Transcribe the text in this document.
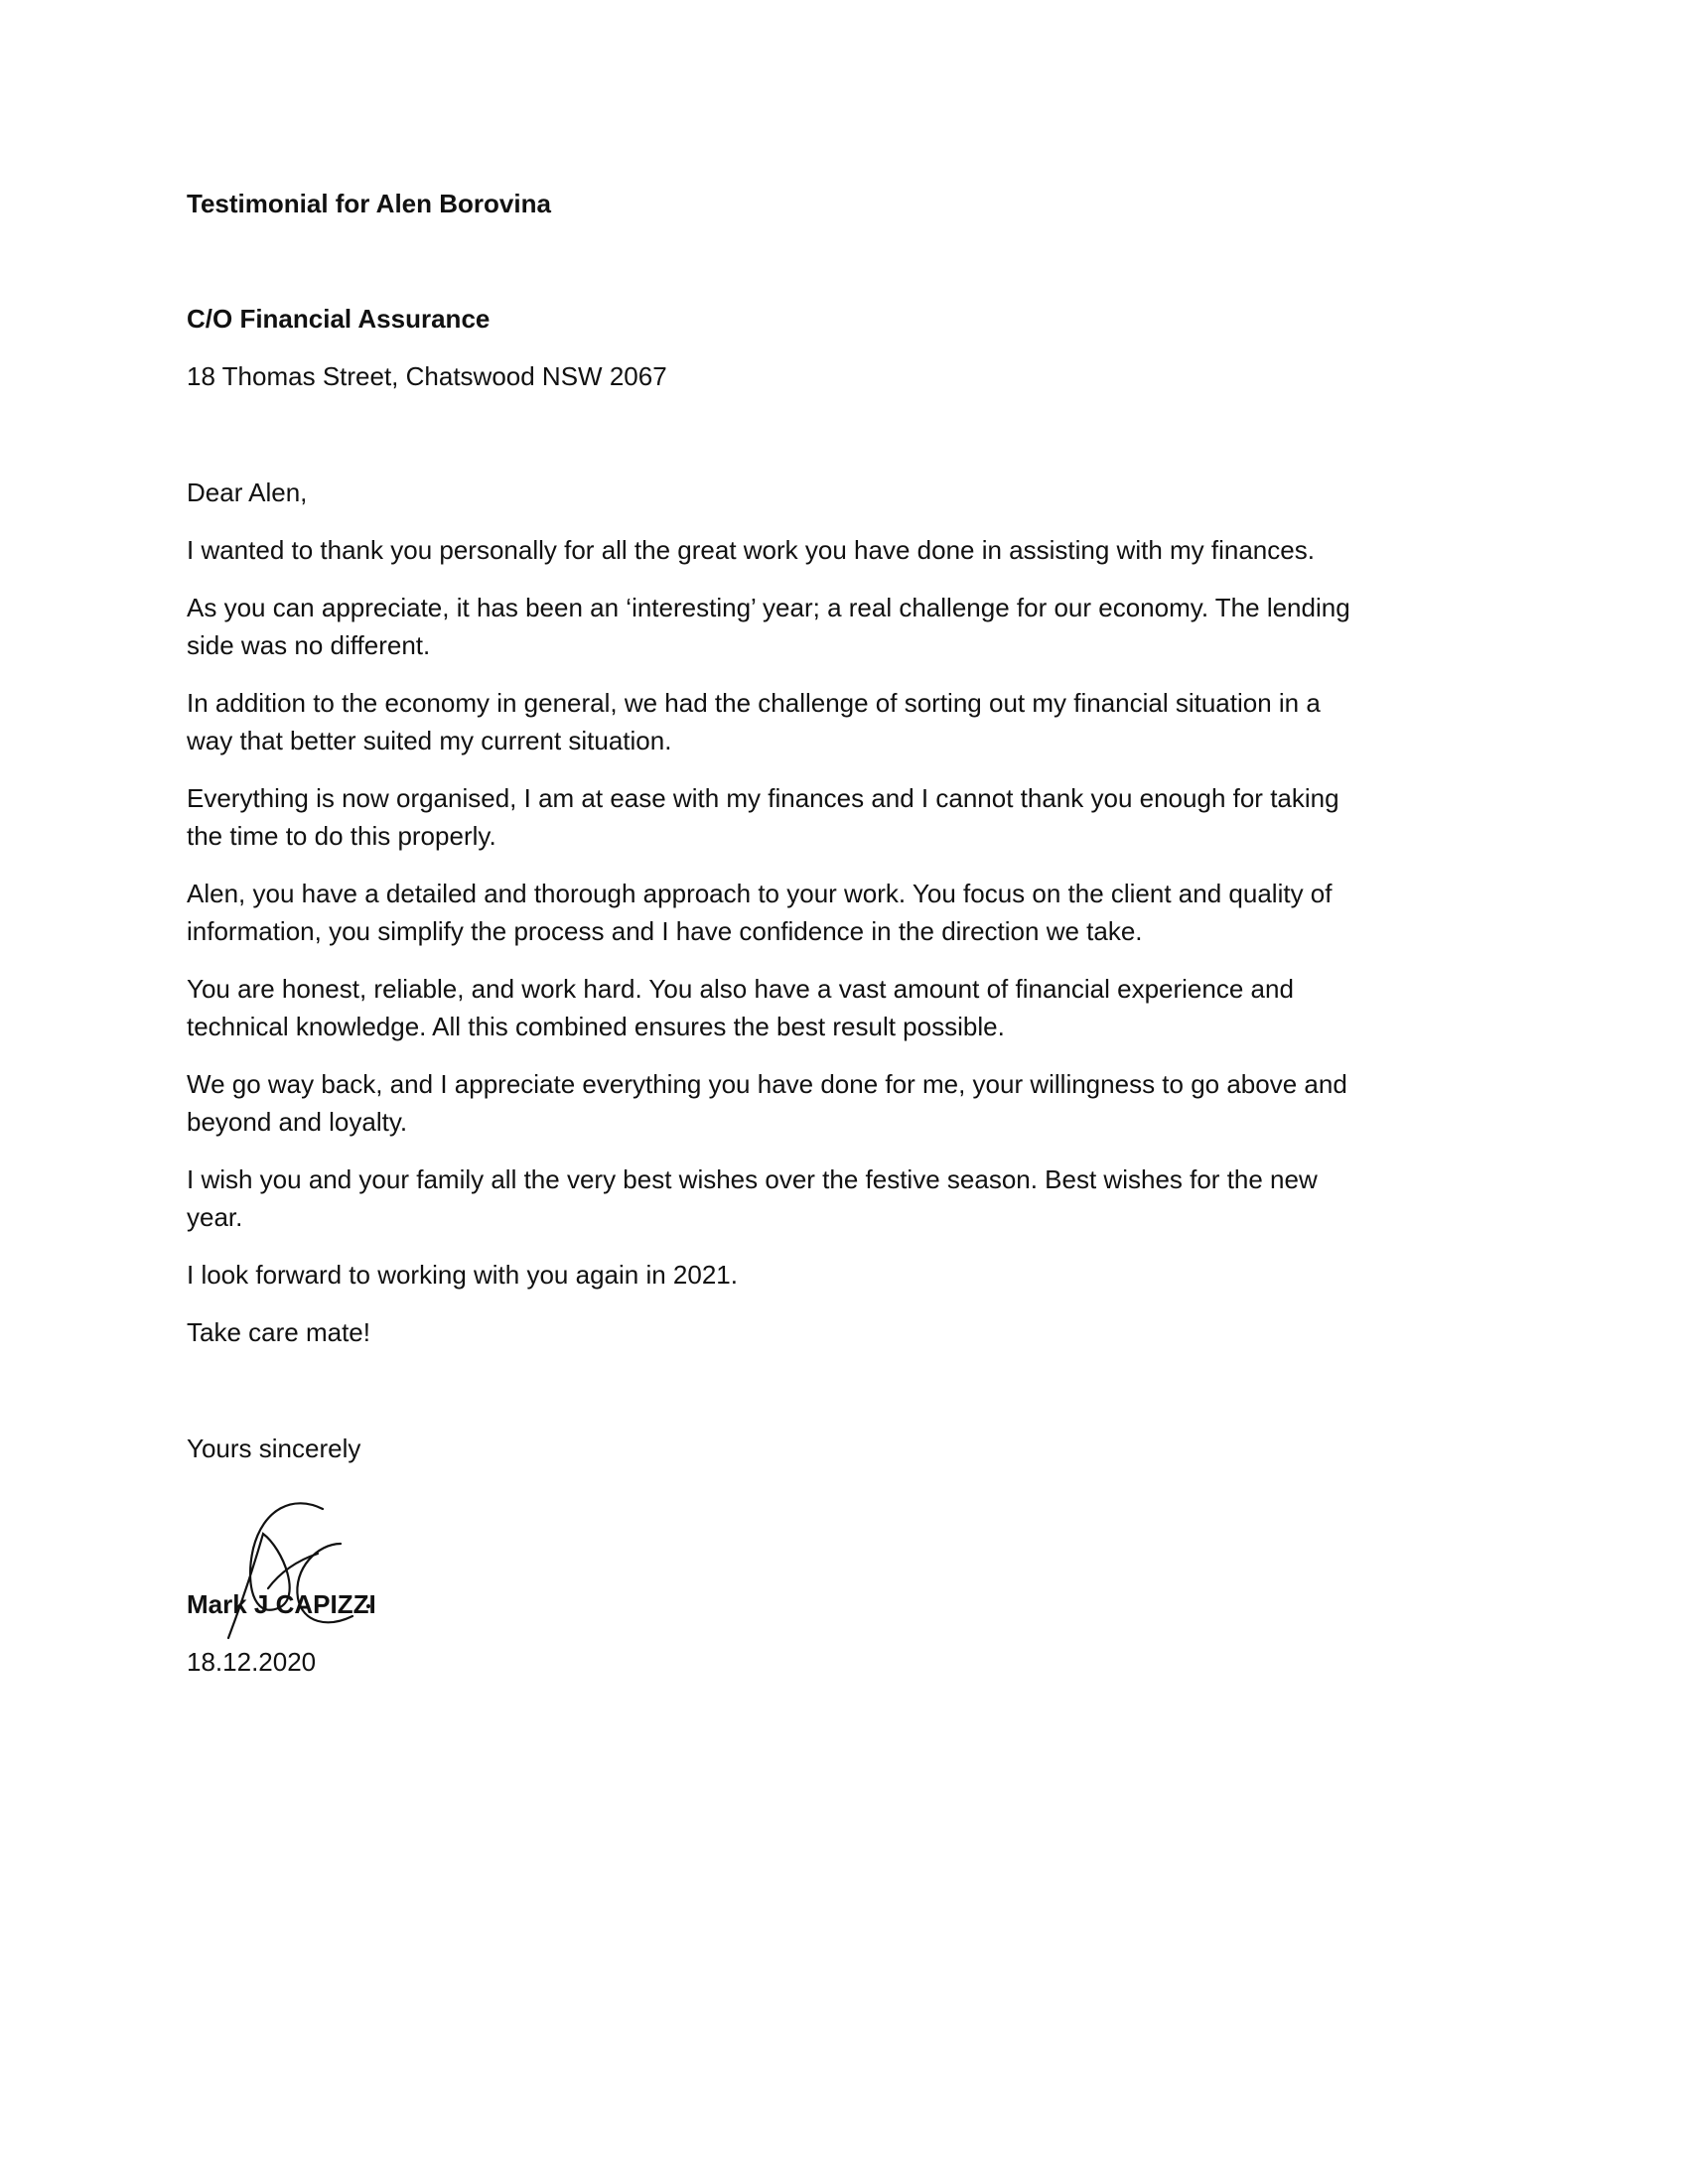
Testimonial for Alen Borovina

C/O Financial Assurance

18 Thomas Street, Chatswood NSW 2067

Dear Alen,

I wanted to thank you personally for all the great work you have done in assisting with my finances.

As you can appreciate, it has been an ‘interesting’ year; a real challenge for our economy. The lending side was no different.

In addition to the economy in general, we had the challenge of sorting out my financial situation in a way that better suited my current situation.

Everything is now organised, I am at ease with my finances and I cannot thank you enough for taking the time to do this properly.

Alen, you have a detailed and thorough approach to your work. You focus on the client and quality of information, you simplify the process and I have confidence in the direction we take.

You are honest, reliable, and work hard. You also have a vast amount of financial experience and technical knowledge. All this combined ensures the best result possible.

We go way back, and I appreciate everything you have done for me, your willingness to go above and beyond and loyalty.

I wish you and your family all the very best wishes over the festive season. Best wishes for the new year.

I look forward to working with you again in 2021.

Take care mate!

Yours sincerely

Mark J CAPIZZI

18.12.2020
